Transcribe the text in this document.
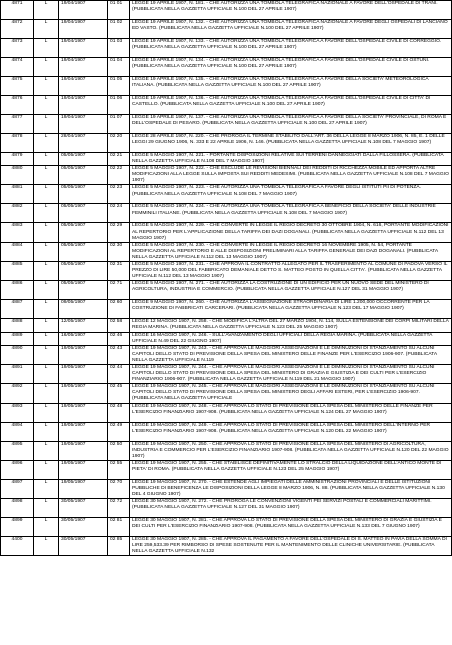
4871	L	19/04/1907	01 01	LEGGE 19 APRILE 1907, N. 181. - CHE AUTORIZZA UNA TOMBOLA TELEGRAFICA NAZIONALE A FAVORE DELL'OSPEDALE DI TRANI. (PUBBLICATA NELLA GAZZETTA UFFICIALE N.100 DEL 27 APRILE 1907)
4872	L	19/04/1907	01 02	LEGGE 19 APRILE 1907, N. 132. - CHE AUTORIZZA UNA TOMBOLA TELEGRAFICA NAZIONALE A FAVORE DEGLI OSPEDALI DI LANCIANO ED VASTO. (PUBBLICATA NELLA GAZZETTA UFFICIALE N.100 DEL 27 APRILE 1907)
4873	L	19/04/1907	01 03	LEGGE 19 APRILE 1907, N. 133. - CHE AUTORIZZA UNA TOMBOLA TELEGRAFICA A FAVORE DELL'OSPEDALE CIVILE DI CORREGGIO. (PUBBLICATA NELLA GAZZETTA UFFICIALE N.100 DEL 27 APRILE 1907)
4874	L	19/04/1907	01 04	LEGGE 19 APRILE 1907, N. 134. - CHE AUTORIZZA UNA TOMBOLA TELEGRAFICA A FAVORE DELL'OSPEDALE CIVILE DI OSTUNI. (PUBBLICATA NELLA GAZZETTA UFFICIALE N.100 DEL 27 APRILE 1907)
4875	L	19/04/1907	01 05	LEGGE 19 APRILE 1907, N. 135. - CHE AUTORIZZA UNA TOMBOLA TELEGRAFICA A FAVORE DELLA SOCIETA' METEOROLOGICA ITALIANA. (PUBBLICATA NELLA GAZZETTA UFFICIALE N.100 DEL 27 APRILE 1907)
4876	L	19/04/1907	01 06	LEGGE 19 APRILE 1907, N. 136. - CHE AUTORIZZA UNA TOMBOLA TELEGRAFICA A FAVORE DELL'OSPEDALE CIVILE DI CITTA' DI CASTELLO. (PUBBLICATA NELLA GAZZETTA UFFICIALE N.100 DEL 27 APRILE 1907)
4877	L	19/04/1907	01 07	LEGGE 19 APRILE 1907, N. 137. - CHE AUTORIZZA UNA TOMBOLA TELEGRAFICA A FAVORE DELLA SOCIETA' PROVINCIALE, DI ROMA E DELL'OSPEDALE DI PESARO. (PUBBLICATA NELLA GAZZETTA UFFICIALE N.100 DEL 27 APRILE 1907)
4878	L	28/04/1907	02 20	LEGGE 28 APRILE 1907, N. 220. - CHE PROROGA IL TERMINE STABILITO DALL'ART. 36 DELLA LEGGE 8 MARZO 1906, N. 85, E. 1 DELLE LEGGI 29 GIUGNO 1906, N. 333 E 22 APRILE 1906, N. 146. (PUBBLICATA NELLA GAZZETTA UFFICIALE N.108 DEL 7 MAGGIO 1907)
4879	L	05/05/1907	02 21	LEGGE 5 MAGGIO 1907, N. 221. - PORTANTE DISPOSIZIONI RELATIVE SUI TERRENI DANNEGGIATI DALLA FILLOSSERA. (PUBBLICATA NELLA GAZZETTA UFFICIALE N.108 DEL 7 MAGGIO 1907)
4880	L	05/05/1907	02 22	LEGGE 5 MAGGIO 1907, N. 222. - CHE ESCLUDE LE REVISIONI BIENNALI DEI REDDITI DI RICCHEZZA MOBILE ED APPORTA ALTRE MODIFICAZIONI ALLA LEGGE SULLA IMPOSTA SUI REDDITI MEDESIMI. (PUBBLICATA NELLA GAZZETTA UFFICIALE N.108 DEL 7 MAGGIO 1907)
4881	L	05/05/1907	02 23	LEGGE 5 MAGGIO 1907, N. 223. - CHE AUTORIZZA UNA TOMBOLA TELEGRAFICA A FAVORE DEGLI ISTITUTI PII DI POTENZA. (PUBBLICATA NELLA GAZZETTA UFFICIALE N.108 DEL 7 MAGGIO 1907)
4882	L	05/05/1907	02 24	LEGGE 5 MAGGIO 1907, N. 224. - CHE AUTORIZZA UNA TOMBOLA TELEGRAFICA A BENEFICIO DELLA SOCIETA' DELLE INDUSTRIE FEMMINILI ITALIANE. (PUBBLICATA NELLA GAZZETTA UFFICIALE N.108 DEL 7 MAGGIO 1907)
4883	L	05/05/1907	02 29	LEGGE 5 MAGGIO 1907, N. 229. - CHE CONVERTE IN LEGGE IL REGIO DECRETO 30 OTTOBRE 1904, N. 616, PORTANTE MODIFICAZIONI AL REPERTORIO PER L'APPLICAZIONE DELLA TARIFFA DEI DAZI DOGANALI. (PUBBLICATA NELLA GAZZETTA UFFICIALE N.112 DEL 13 MAGGIO 1907)
4884	L	05/05/1907	02 30	LEGGE 5 MAGGIO 1907, N. 230. - CHE CONVERTE IN LEGGE IL REGIO DECRETO 16 NOVEMBRE 1905, N. 54, PORTANTE MODIFICAZIONI AL REPERTORIO E ALLE DISPOSIZIONI PRELIMINARI ALLA TARIFFA GENERALE DEI DAZI DOGANALI. (PUBBLICATA NELLA GAZZETTA UFFICIALE N.112 DEL 13 MAGGIO 1907)
4885	L	05/05/1907	02 31	LEGGE 5 MAGGIO 1907, N. 231. - CHE APPROVA IL CONTRATTO ALLEGATO PER IL TRASFERIMENTO AL COMUNE DI PADOVA VERSO IL PREZZO DI LIRE 50,000 DEL FABBRICATO DEMANIALE DETTO S. MATTEO POSTO IN QUELLA CITTA'. (PUBBLICATA NELLA GAZZETTA UFFICIALE N.112 DEL 13 MAGGIO 1907)
4886	L	05/05/1907	02 71	LEGGE 5 MAGGIO 1907, N. 271. - CHE AUTORIZZA LA COSTRUZIONE DI UN EDIFICIO PER UN NUOVO SEDE DEL MINISTERO DI AGRICOLTURA, INDUSTRIA E COMMERCIO. (PUBBLICATA NELLA GAZZETTA UFFICIALE N.127 DEL 31 MAGGIO 1907)
4887	L	09/05/1907	02 60	LEGGE 9 MAGGIO 1907, N. 260. - CHE AUTORIZZA L'ASSEGNAZIONE STRAORDINARIA DI LIRE 1.200,000 OCCORRENTE PER LA COSTRUZIONE DI FABBRICATI CARCERARI. (PUBBLICATA NELLA GAZZETTA UFFICIALE N.123 DEL 17 MAGGIO 1907)
4888	L	12/05/1907	02 58	LEGGE 12 MAGGIO 1907, N. 258. - CHE MODIFICA L'ALTRA DEL 27 MARZO 1904, N. 114, SULLA ESTENSIONE DEI CORPI MILITARI DELLA REGIA MARINA. (PUBBLICATA NELLA GAZZETTA UFFICIALE N.123 DEL 25 MAGGIO 1907)
4889	L	16/05/1907	02 46	LEGGE 16 MAGGIO 1907, N. 246. - SULL'AVANZAMENTO DEGLI UFFICIALI DELLA REGIA MARINA. (PUBBLICATA NELLA GAZZETTA UFFICIALE N.49 DEL 22 GIUGNO 1907)
4890	L	19/05/1907	02 43	LEGGE 19 MAGGIO 1907, N. 243. - CHE APPROVA LE MAGGIORI ASSEGNAZIONI E LE DIMINUZIONI DI STANZIAMENTO SU ALCUNI CAPITOLI DELLO STATO DI PREVISIONE DELLA SPESA DEL MINISTERO DELLE FINANZE PER L'ESERCIZIO 1906-907. (PUBBLICATA NELLA GAZZETTA UFFICIALE N.119
4891	L	19/05/1907	02 44	LEGGE 19 MAGGIO 1907, N. 244. - CHE APPROVA LE MAGGIORI ASSEGNAZIONI E LE DIMINUZIONI DI STANZIAMENTO SU ALCUNI CAPITOLI DELLO STATO DI PREVISIONE DELLA SPESA DEL MINISTERO DI GRAZIA E GIUSTIZIA E DEI CULTI PER L'ESERCIZIO FINANZIARIO 1906-907. (PUBBLICATA NELLA GAZZETTA UFFICIALE N.119 DEL 21 MAGGIO 1907)
4892	L	19/05/1907	02 45	LEGGE 19 MAGGIO 1907, N. 245. - CHE APPROVA LE MAGGIORI ASSEGNAZIONI E LE DIMINUZIONI DI STANZIAMENTO SU ALCUNI CAPITOLI DELLO STATO DI PREVISIONE DELLA SPESA DEL MINISTERO DEGLI AFFARI ESTERI, PER L'ESERCIZIO 1906-907. (PUBBLICATA NELLA GAZZETTA UFFICIALE
4893	L	19/05/1907	02 48	LEGGE 19 MAGGIO 1907, N. 248. - CHE APPROVA LO STATO DI PREVISIONE DELLA SPESA DEL MINISTERO DELLE FINANZE PER L'ESERCIZIO FINANZIARIO 1907-908. (PUBBLICATA NELLA GAZZETTA UFFICIALE N.124 DEL 27 MAGGIO 1907)
4894	L	19/05/1907	02 49	LEGGE 19 MAGGIO 1907, N. 249. - CHE APPROVA LO STATO DI PREVISIONE DELLA SPESA DEL MINISTERO DELL'INTERNO PER L'ESERCIZIO FINANZIARIO 1907-908. (PUBBLICATA NELLA GAZZETTA UFFICIALE N.120 DEL 22 MAGGIO 1907)
4895	L	19/05/1907	02 50	LEGGE 19 MAGGIO 1907, N. 250. - CHE APPROVA LO STATO DI PREVISIONE DELLA SPESA DEL MINISTERO DI AGRICOLTURA, INDUSTRIA E COMMERCIO PER L'ESERCIZIO FINANZIARIO 1907-908. (PUBBLICATA NELLA GAZZETTA UFFICIALE N.120 DEL 22 MAGGIO 1907)
4896	L	19/05/1907	02 55	LEGGE 19 MAGGIO 1907, N. 255. - CHE STABILISCE DEFINITIVAMENTE LO STRALCIO DELLA LIQUIDAZIONE DELL'ANTICO MONTE DI PIETA' DI ROMA. (PUBBLICATA NELLA GAZZETTA UFFICIALE N.123 DEL 25 MAGGIO 1907)
4897	L	19/05/1907	02 70	LEGGE 19 MAGGIO 1907, N. 270. - CHE ESTENDE AGLI IMPIEGATI DELLE AMMINISTRAZIONI PROVINCIALI E DELLE ISTITUZIONI PUBBLICHE DI BENEFICENZA LE DISPOSIZIONI DELLA LEGGE 8 MARZO 1906, N. 88. (PUBBLICATA NELLA GAZZETTA UFFICIALE N.130 DEL 4 GIUGNO 1907)
4898	L	30/05/1907	02 72	LEGGE 30 MAGGIO 1907, N. 272. - CHE PROROGA LE CONVENZIONI VIGENTI PEI SERVIZI POSTALI E COMMERCIALI MARITTIMI. (PUBBLICATA NELLA GAZZETTA UFFICIALE N.127 DEL 31 MAGGIO 1907)
4899	L	30/05/1907	02 81	LEGGE 30 MAGGIO 1907, N. 281. - CHE APPROVA LO STATO DI PREVISIONE DELLA SPESA DEL MINISTERO DI GRAZIA E GIUSTIZIA E DEI CULTI PER L'ESERCIZIO FINANZIARIO 1907-908. (PUBBLICATA NELLA GAZZETTA UFFICIALE N.133 DEL 7 GIUGNO 1907)
4400	L	30/05/1907	02 85	LEGGE 30 MAGGIO 1907, N. 285. - CHE APPROVA IL PAGAMENTO A FAVORE DELL'OSPEDALE DI S. MATTEO IN PAVIA DELLA SOMMA DI LIRE 259,533.39 PER RIMBORSO DI SPESE SOSTENUTE PER IL MANTENIMENTO DELLE CLINICHE UNIVERSITARIE. (PUBBLICATA NELLA GAZZETTA UFFICIALE N.132
